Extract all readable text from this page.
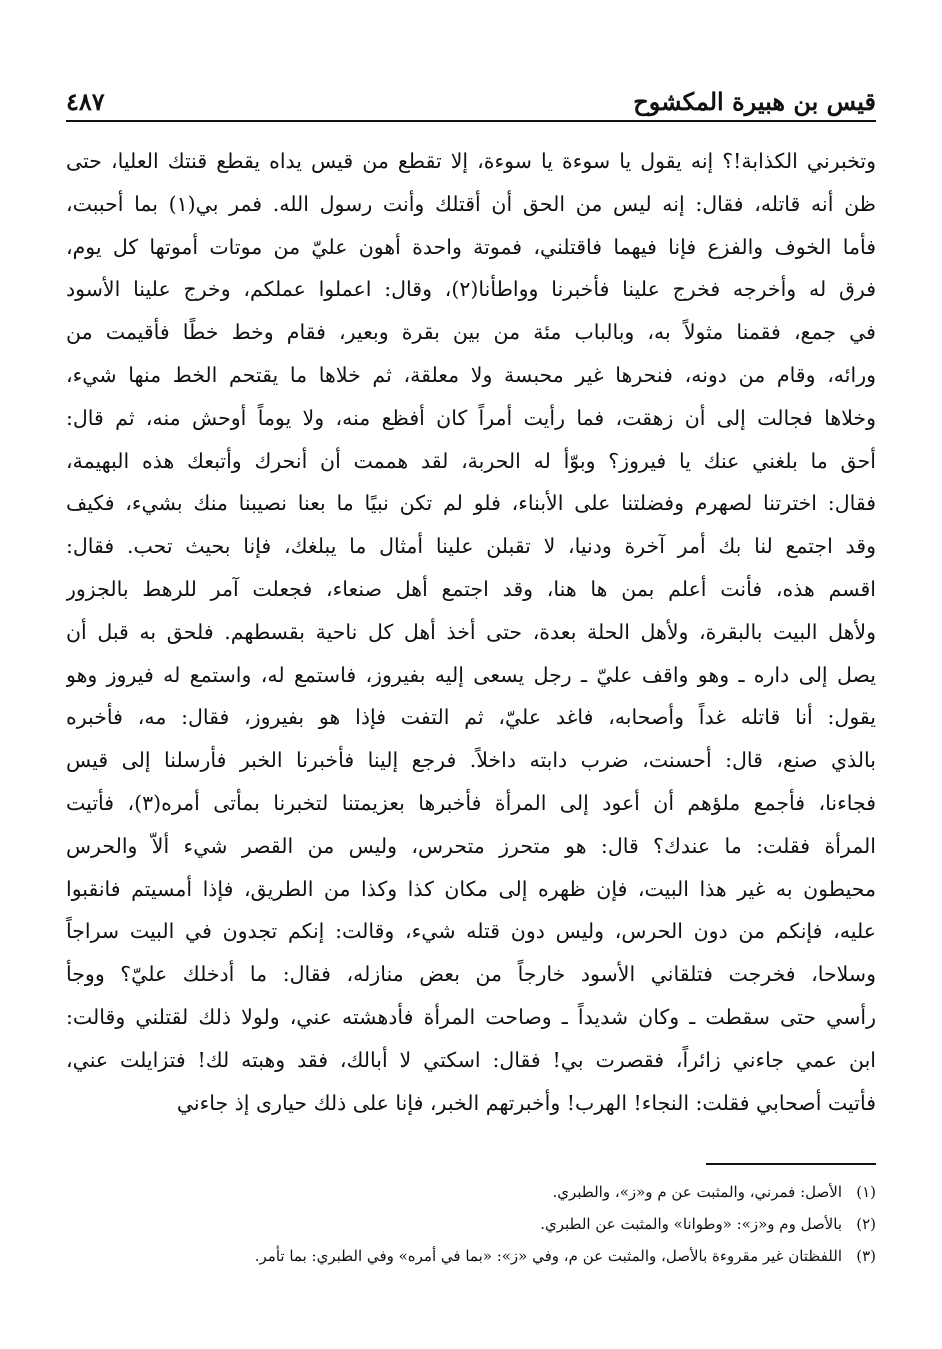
قيس بن هبيرة المكشوح
٤٨٧
وتخبرني الكذابة!؟ إنه يقول يا سوءة يا سوءة، إلا تقطع من قيس يداه يقطع قنتك العليا، حتى
ظن أنه قاتله، فقال: إنه ليس من الحق أن أقتلك وأنت رسول الله. فمر بي(١) بما أحببت،
فأما الخوف والفزع فإنا فيهما فاقتلني، فموتة واحدة أهون عليّ من موتات أموتها كل يوم،
فرق له وأخرجه فخرج علينا فأخبرنا وواطأنا(٢)، وقال: اعملوا عملكم، وخرج علينا الأسود
في جمع، فقمنا مثولاً به، وبالباب مئة من بين بقرة وبعير، فقام وخط خطًا فأقيمت من
ورائه، وقام من دونه، فنحرها غير محبسة ولا معلقة، ثم خلاها ما يقتحم الخط منها شيء،
وخلاها فجالت إلى أن زهقت، فما رأيت أمراً كان أفظع منه، ولا يوماً أوحش منه، ثم قال:
أحق ما بلغني عنك يا فيروز؟ وبوّأ له الحربة، لقد هممت أن أنحرك وأتبعك هذه البهيمة،
فقال: اخترتنا لصهرم وفضلتنا على الأبناء، فلو لم تكن نبيًا ما بعنا نصيبنا منك بشيء، فكيف
وقد اجتمع لنا بك أمر آخرة ودنيا، لا تقبلن علينا أمثال ما يبلغك، فإنا بحيث تحب. فقال:
اقسم هذه، فأنت أعلم بمن ها هنا، وقد اجتمع أهل صنعاء، فجعلت آمر للرهط بالجزور
ولأهل البيت بالبقرة، ولأهل الحلة بعدة، حتى أخذ أهل كل ناحية بقسطهم. فلحق به قبل أن
يصل إلى داره ـ وهو واقف عليّ ـ رجل يسعى إليه بفيروز، فاستمع له، واستمع له فيروز وهو
يقول: أنا قاتله غداً وأصحابه، فاغد عليّ، ثم التفت فإذا هو بفيروز، فقال: مه، فأخبره
بالذي صنع، قال: أحسنت، ضرب دابته داخلاً. فرجع إلينا فأخبرنا الخبر فأرسلنا إلى قيس
فجاءنا، فأجمع ملؤهم أن أعود إلى المرأة فأخبرها بعزيمتنا لتخبرنا بمأتى أمره(٣)، فأتيت
المرأة فقلت: ما عندك؟ قال: هو متحرز متحرس، وليس من القصر شيء ألاّ والحرس
محيطون به غير هذا البيت، فإن ظهره إلى مكان كذا وكذا من الطريق، فإذا أمسيتم فانقبوا
عليه، فإنكم من دون الحرس، وليس دون قتله شيء، وقالت: إنكم تجدون في البيت سراجاً
وسلاحا، فخرجت فتلقاني الأسود خارجاً من بعض منازله، فقال: ما أدخلك عليّ؟ ووجأ
رأسي حتى سقطت ـ وكان شديداً ـ وصاحت المرأة فأدهشته عني، ولولا ذلك لقتلني وقالت:
ابن عمي جاءني زائراً، فقصرت بي! فقال: اسكتي لا أبالك، فقد وهبته لك! فتزايلت عني،
فأتيت أصحابي فقلت: النجاء! الهرب! وأخبرتهم الخبر، فإنا على ذلك حيارى إذ جاءني
(١)الأصل: فمرني، والمثبت عن م و«ز»، والطبري.
(٢)بالأصل وم و«ز»: «وطوانا» والمثبت عن الطبري.
(٣)اللفظتان غير مقروءة بالأصل، والمثبت عن م، وفي «ز»: «بما في أمره» وفي الطبري: بما تأمر.
